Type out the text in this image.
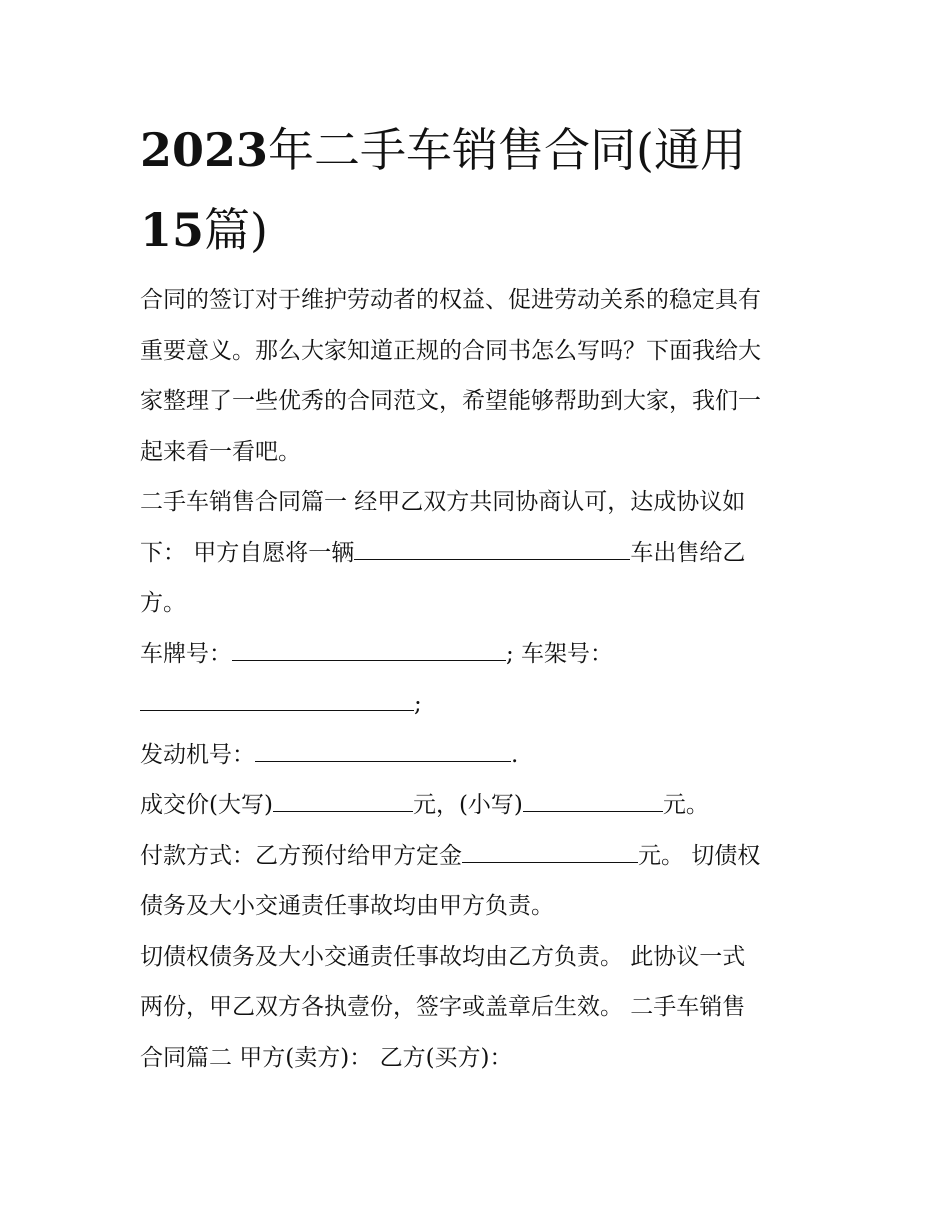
2023年二手车销售合同(通用
15篇)

合同的签订对于维护劳动者的权益、促进劳动关系的稳定具有
重要意义。那么大家知道正规的合同书怎么写吗？下面我给大
家整理了一些优秀的合同范文，希望能够帮助到大家，我们一
起来看一看吧。

二手车销售合同篇一 经甲乙双方共同协商认可，达成协议如
下： 甲方自愿将一辆	车出售给乙
方。

车牌号：	; 车架号：
;

发动机号：	.

成交价(大写)	元，(小写)	元。

付款方式：乙方预付给甲方定金	元。 切债权
债务及大小交通责任事故均由甲方负责。

切债权债务及大小交通责任事故均由乙方负责。 此协议一式
两份，甲乙双方各执壹份，签字或盖章后生效。 二手车销售
合同篇二 甲方(卖方)： 乙方(买方)：
